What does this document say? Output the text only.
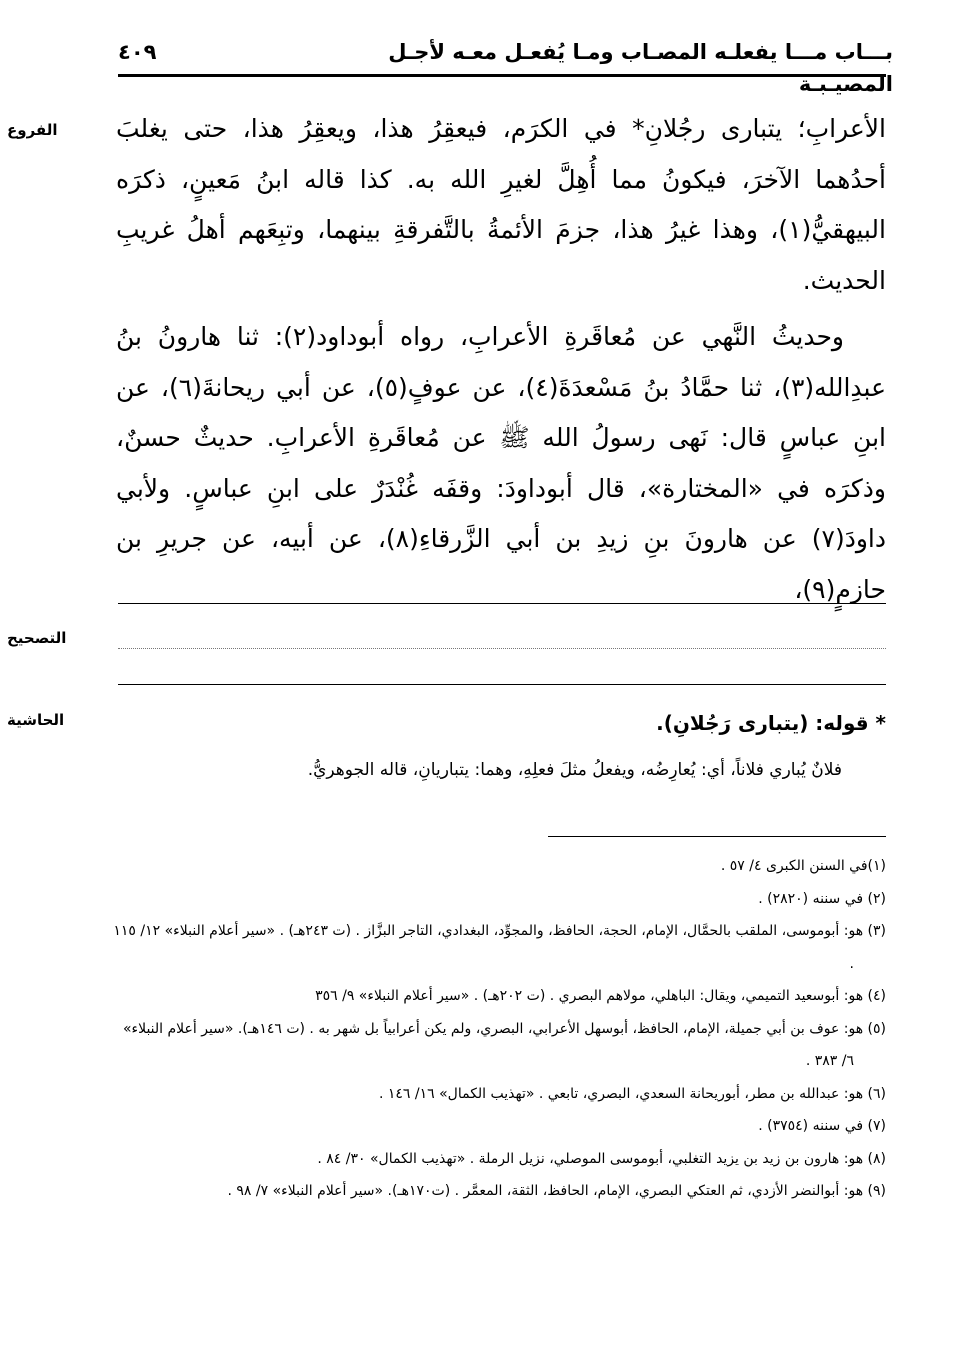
بـــاب مـــا يفعلـه المصـاب ومـا يُفعـل معـه لأجـل المصيـبـة
٤٠٩
الفروع	الأعرابِ؛ يتبارى رجُلانِ* في الكرَم، فيعقِرُ هذا، ويعقِرُ هذا، حتى يغلبَ أحدُهما الآخرَ، فيكونُ مما أُهِلَّ لغيرِ الله به. كذا قاله ابنُ مَعينٍ، ذكرَه البيهقيُّ(١)، وهذا غيرُ هذا، جزمَ الأئمةُ بالتَّفرقةِ بينهما، وتبِعَهم أهلُ غريبِ الحديث.

وحديثُ النَّهي عن مُعاقَرةِ الأعرابِ، رواه أبوداود(٢): ثنا هارونُ بنُ عبدِالله(٣)، ثنا حمَّادُ بنُ مَسْعدَةَ(٤)، عن عوفٍ(٥)، عن أبي ريحانةَ(٦)، عن ابنِ عباسٍ قال: نَهى رسولُ الله ﷺ عن مُعاقَرةِ الأعرابِ. حديثٌ حسنٌ، وذكرَه في «المختارة»، قال أبوداودَ: وقفَه غُنْدَرٌ على ابنِ عباسٍ. ولأبي داودَ(٧) عن هارونَ بنِ زيدِ بن أبي الزَّرقاءِ(٨)، عن أبيه، عن جريرِ بن حازمٍ(٩)،

التصحيح
الحاشية	* قوله: (يتبارى رَجُلانِ).
فلانٌ يُباري فلاناً، أي: يُعارِضُه، ويفعلُ مثلَ فعلِهِ، وهما: يتباريانِ، قاله الجوهريُّ.

(١)في السنن الكبرى ٤/ ٥٧ .

(٢) في سننه (٢٨٢٠) .

(٣) هو: أبوموسى، الملقب بالحمَّال، الإمام، الحجة، الحافظ، والمجوِّد، البغدادي، التاجر البزَّاز . (ت ٢٤٣هـ) . «سير أعلام النبلاء» ١٢/ ١١٥ .

(٤) هو: أبوسعيد التميمي، ويقال: الباهلي، مولاهم البصري . (ت ٢٠٢هـ) . «سير أعلام النبلاء» ٩/ ٣٥٦

(٥) هو: عوف بن أبي جميلة، الإمام، الحافظ، أبوسهل الأعرابي، البصري، ولم يكن أعرابياً بل شهر به . (ت ١٤٦هـ). «سير أعلام النبلاء» ٦/ ٣٨٣ .

(٦) هو: عبدالله بن مطر، أبوريحانة السعدي، البصري، تابعي . «تهذيب الكمال» ١٦/ ١٤٦ .

(٧) في سننه (٣٧٥٤) .

(٨) هو: هارون بن زيد بن يزيد التغلبي، أبوموسى الموصلي، نزيل الرملة . «تهذيب الكمال» ٣٠/ ٨٤ .

(٩) هو: أبوالنضر الأزدي، ثم العتكي البصري، الإمام، الحافظ، الثقة، المعمَّر . (ت١٧٠هـ). «سير أعلام النبلاء» ٧/ ٩٨ .
